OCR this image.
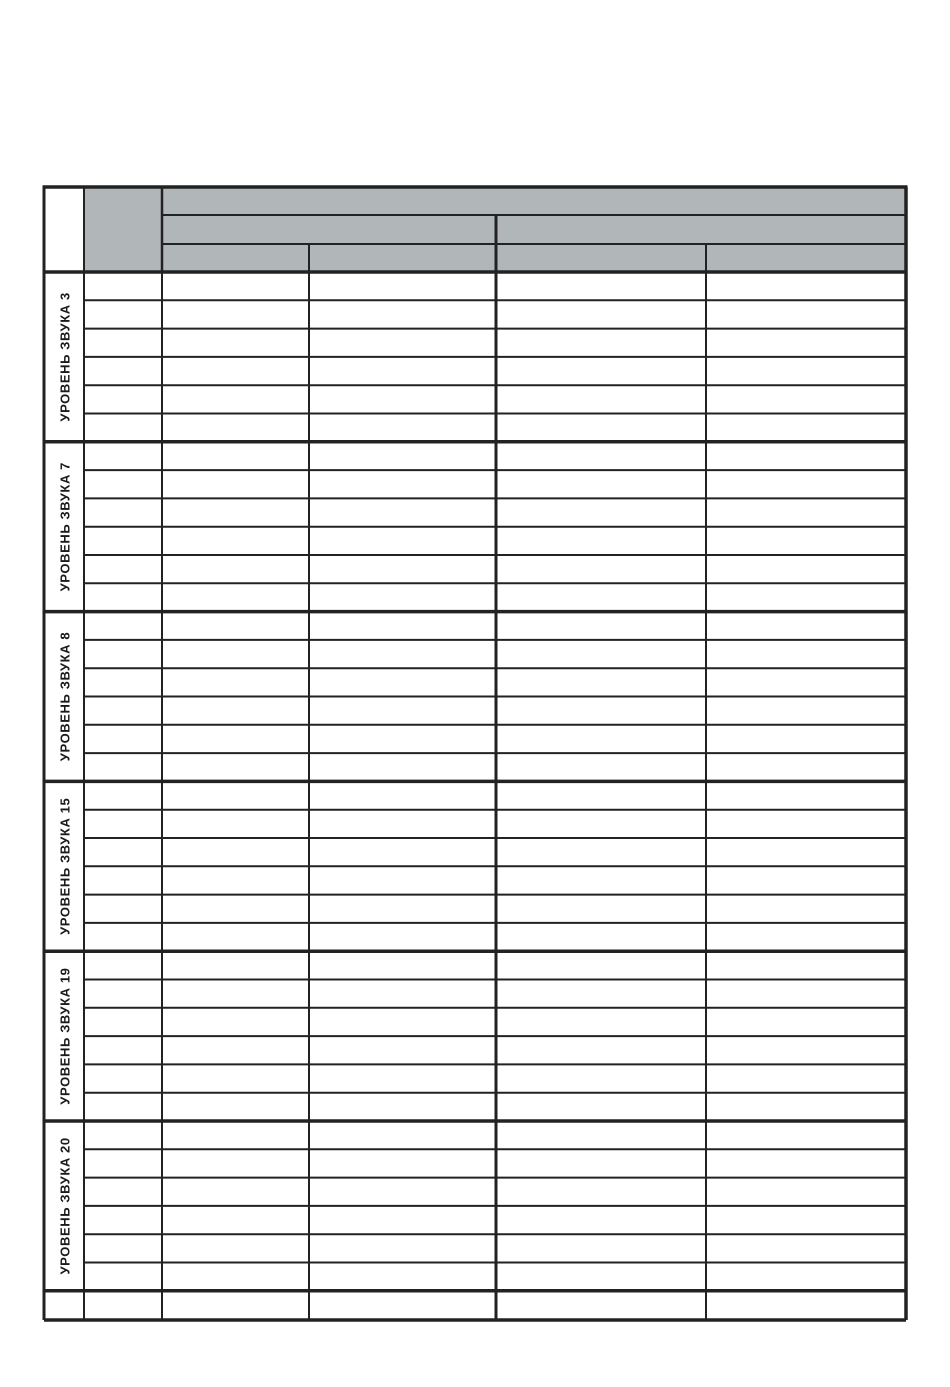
УРОВЕНЬ ЗВУКА 3
УРОВЕНЬ ЗВУКА 7
УРОВЕНЬ ЗВУКА 8
УРОВЕНЬ ЗВУКА 15
УРОВЕНЬ ЗВУКА 19
УРОВЕНЬ ЗВУКА 20
